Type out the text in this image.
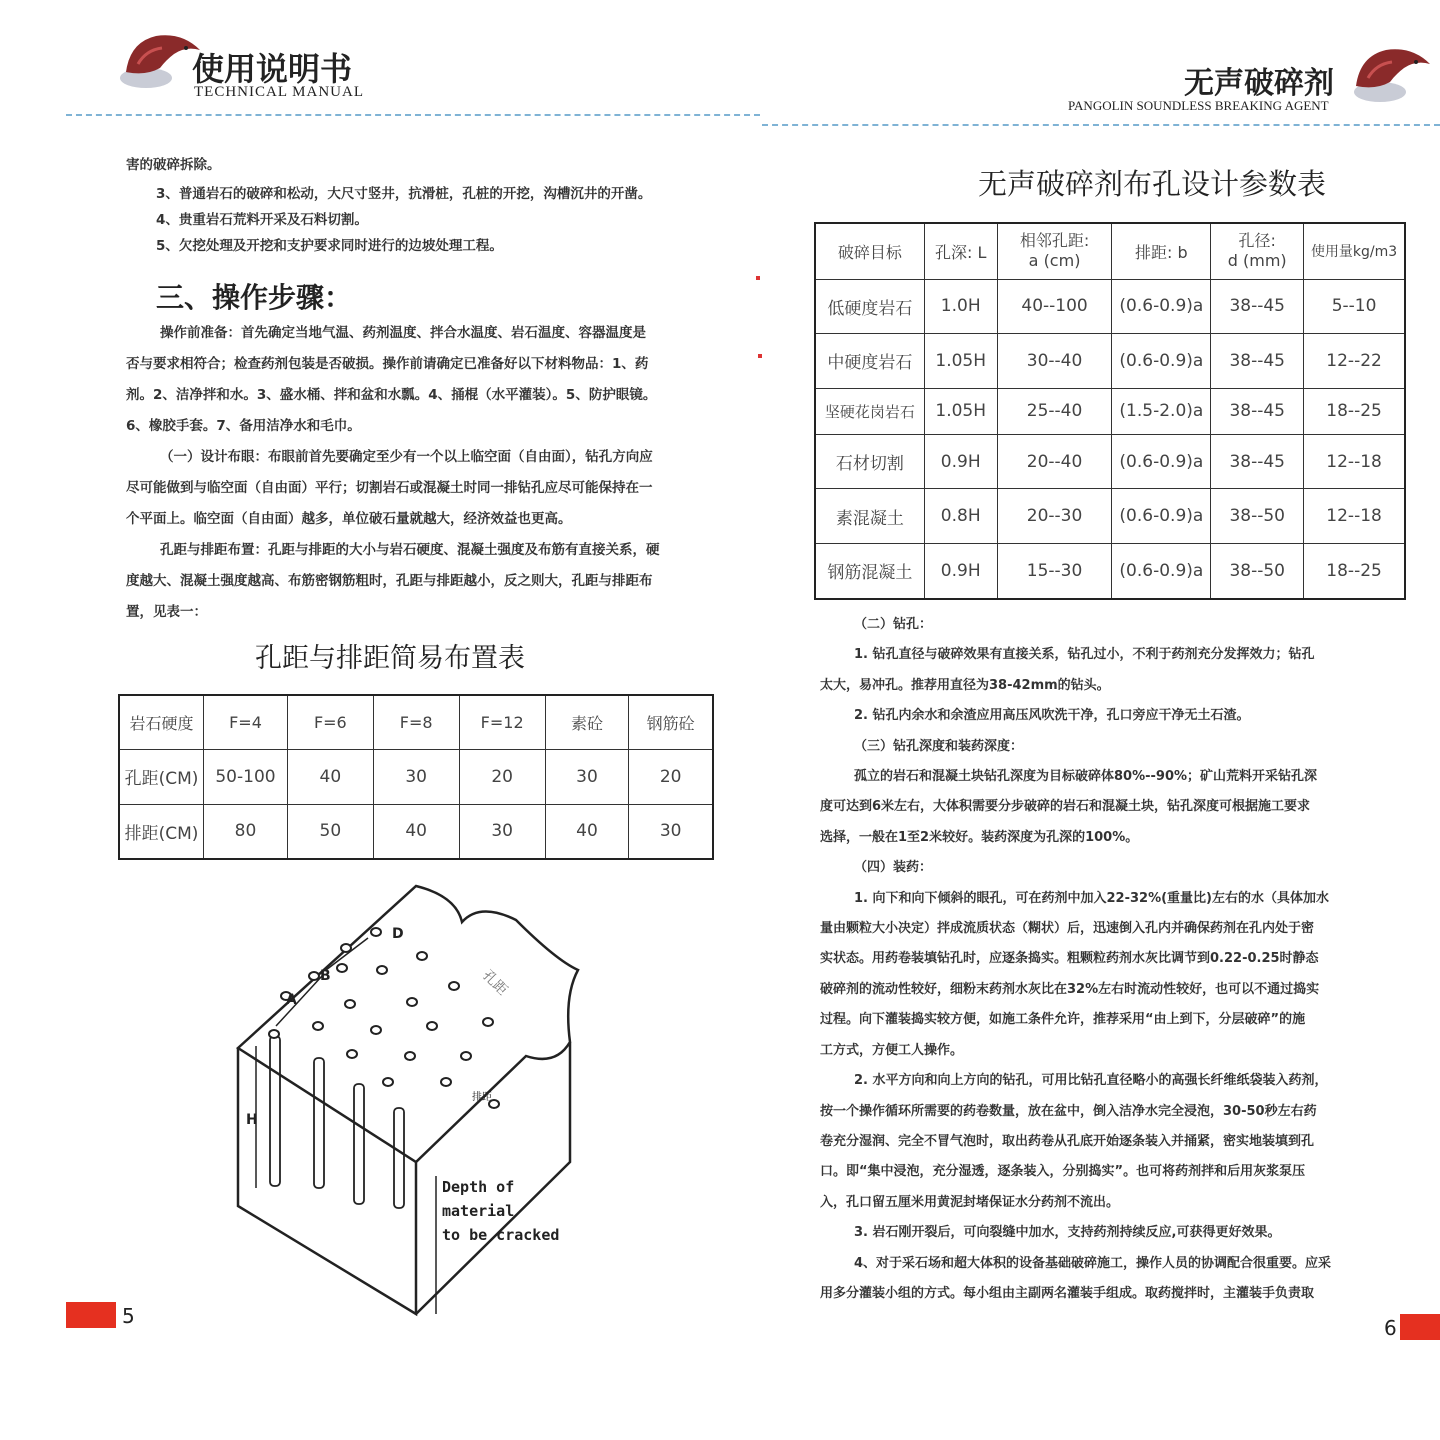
使用说明书
TECHNICAL MANUAL

害的破碎拆除。

3、普通岩石的破碎和松动，大尺寸竖井，抗滑桩，孔桩的开挖，沟槽沉井的开凿。

4、贵重岩石荒料开采及石料切割。

5、欠挖处理及开挖和支护要求同时进行的边坡处理工程。

三、操作步骤：

操作前准备：首先确定当地气温、药剂温度、拌合水温度、岩石温度、容器温度是

否与要求相符合；检查药剂包装是否破损。操作前请确定已准备好以下材料物品：1、药

剂。2、洁净拌和水。3、盛水桶、拌和盆和水瓢。4、捅棍（水平灌装）。5、防护眼镜。

6、橡胶手套。7、备用洁净水和毛巾。

（一）设计布眼：布眼前首先要确定至少有一个以上临空面（自由面），钻孔方向应

尽可能做到与临空面（自由面）平行；切割岩石或混凝土时同一排钻孔应尽可能保持在一

个平面上。临空面（自由面）越多，单位破石量就越大，经济效益也更高。

孔距与排距布置：孔距与排距的大小与岩石硬度、混凝土强度及布筋有直接关系，硬

度越大、混凝土强度越高、布筋密钢筋粗时，孔距与排距越小，反之则大，孔距与排距布

置，见表一：

孔距与排距简易布置表
岩石硬度	F=4	F=6	F=8	F=12	素砼	钢筋砼
孔距(CM)	50-100	40	30	20	30	20
排距(CM)	80	50	40	30	40	30
A
B
D
H
排距
孔距
Depth of
material
to be cracked
5
无声破碎剂
PANGOLIN SOUNDLESS BREAKING AGENT
无声破碎剂布孔设计参数表
破碎目标	孔深: L	相邻孔距:
a (cm)	排距: b	孔径:
d (mm)	使用量kg/m3
低硬度岩石	1.0H	40--100	(0.6-0.9)a	38--45	5--10
中硬度岩石	1.05H	30--40	(0.6-0.9)a	38--45	12--22
坚硬花岗岩石	1.05H	25--40	(1.5-2.0)a	38--45	18--25
石材切割	0.9H	20--40	(0.6-0.9)a	38--45	12--18
素混凝土	0.8H	20--30	(0.6-0.9)a	38--50	12--18
钢筋混凝土	0.9H	15--30	(0.6-0.9)a	38--50	18--25

（二）钻孔：

1. 钻孔直径与破碎效果有直接关系，钻孔过小，不利于药剂充分发挥效力；钻孔

太大，易冲孔。推荐用直径为38-42mm的钻头。

2. 钻孔内余水和余渣应用高压风吹洗干净，孔口旁应干净无土石渣。

（三）钻孔深度和装药深度：

孤立的岩石和混凝土块钻孔深度为目标破碎体80%--90%；矿山荒料开采钻孔深

度可达到6米左右，大体积需要分步破碎的岩石和混凝土块，钻孔深度可根据施工要求

选择，一般在1至2米较好。装药深度为孔深的100%。

（四）装药：

1. 向下和向下倾斜的眼孔，可在药剂中加入22-32%(重量比)左右的水（具体加水

量由颗粒大小决定）拌成流质状态（糊状）后，迅速倒入孔内并确保药剂在孔内处于密

实状态。用药卷装填钻孔时，应逐条捣实。粗颗粒药剂水灰比调节到0.22-0.25时静态

破碎剂的流动性较好，细粉末药剂水灰比在32%左右时流动性较好，也可以不通过捣实

过程。向下灌装捣实较方便，如施工条件允许，推荐采用“由上到下，分层破碎”的施

工方式，方便工人操作。

2. 水平方向和向上方向的钻孔，可用比钻孔直径略小的高强长纤维纸袋装入药剂，

按一个操作循环所需要的药卷数量，放在盆中，倒入洁净水完全浸泡，30-50秒左右药

卷充分湿润、完全不冒气泡时，取出药卷从孔底开始逐条装入并捅紧，密实地装填到孔

口。即“集中浸泡，充分湿透，逐条装入，分别捣实”。也可将药剂拌和后用灰浆泵压

入，孔口留五厘米用黄泥封堵保证水分药剂不流出。

3. 岩石刚开裂后，可向裂缝中加水，支持药剂持续反应,可获得更好效果。

4、对于采石场和超大体积的设备基础破碎施工，操作人员的协调配合很重要。应采

用多分灌装小组的方式。每小组由主副两名灌装手组成。取药搅拌时，主灌装手负责取

6
